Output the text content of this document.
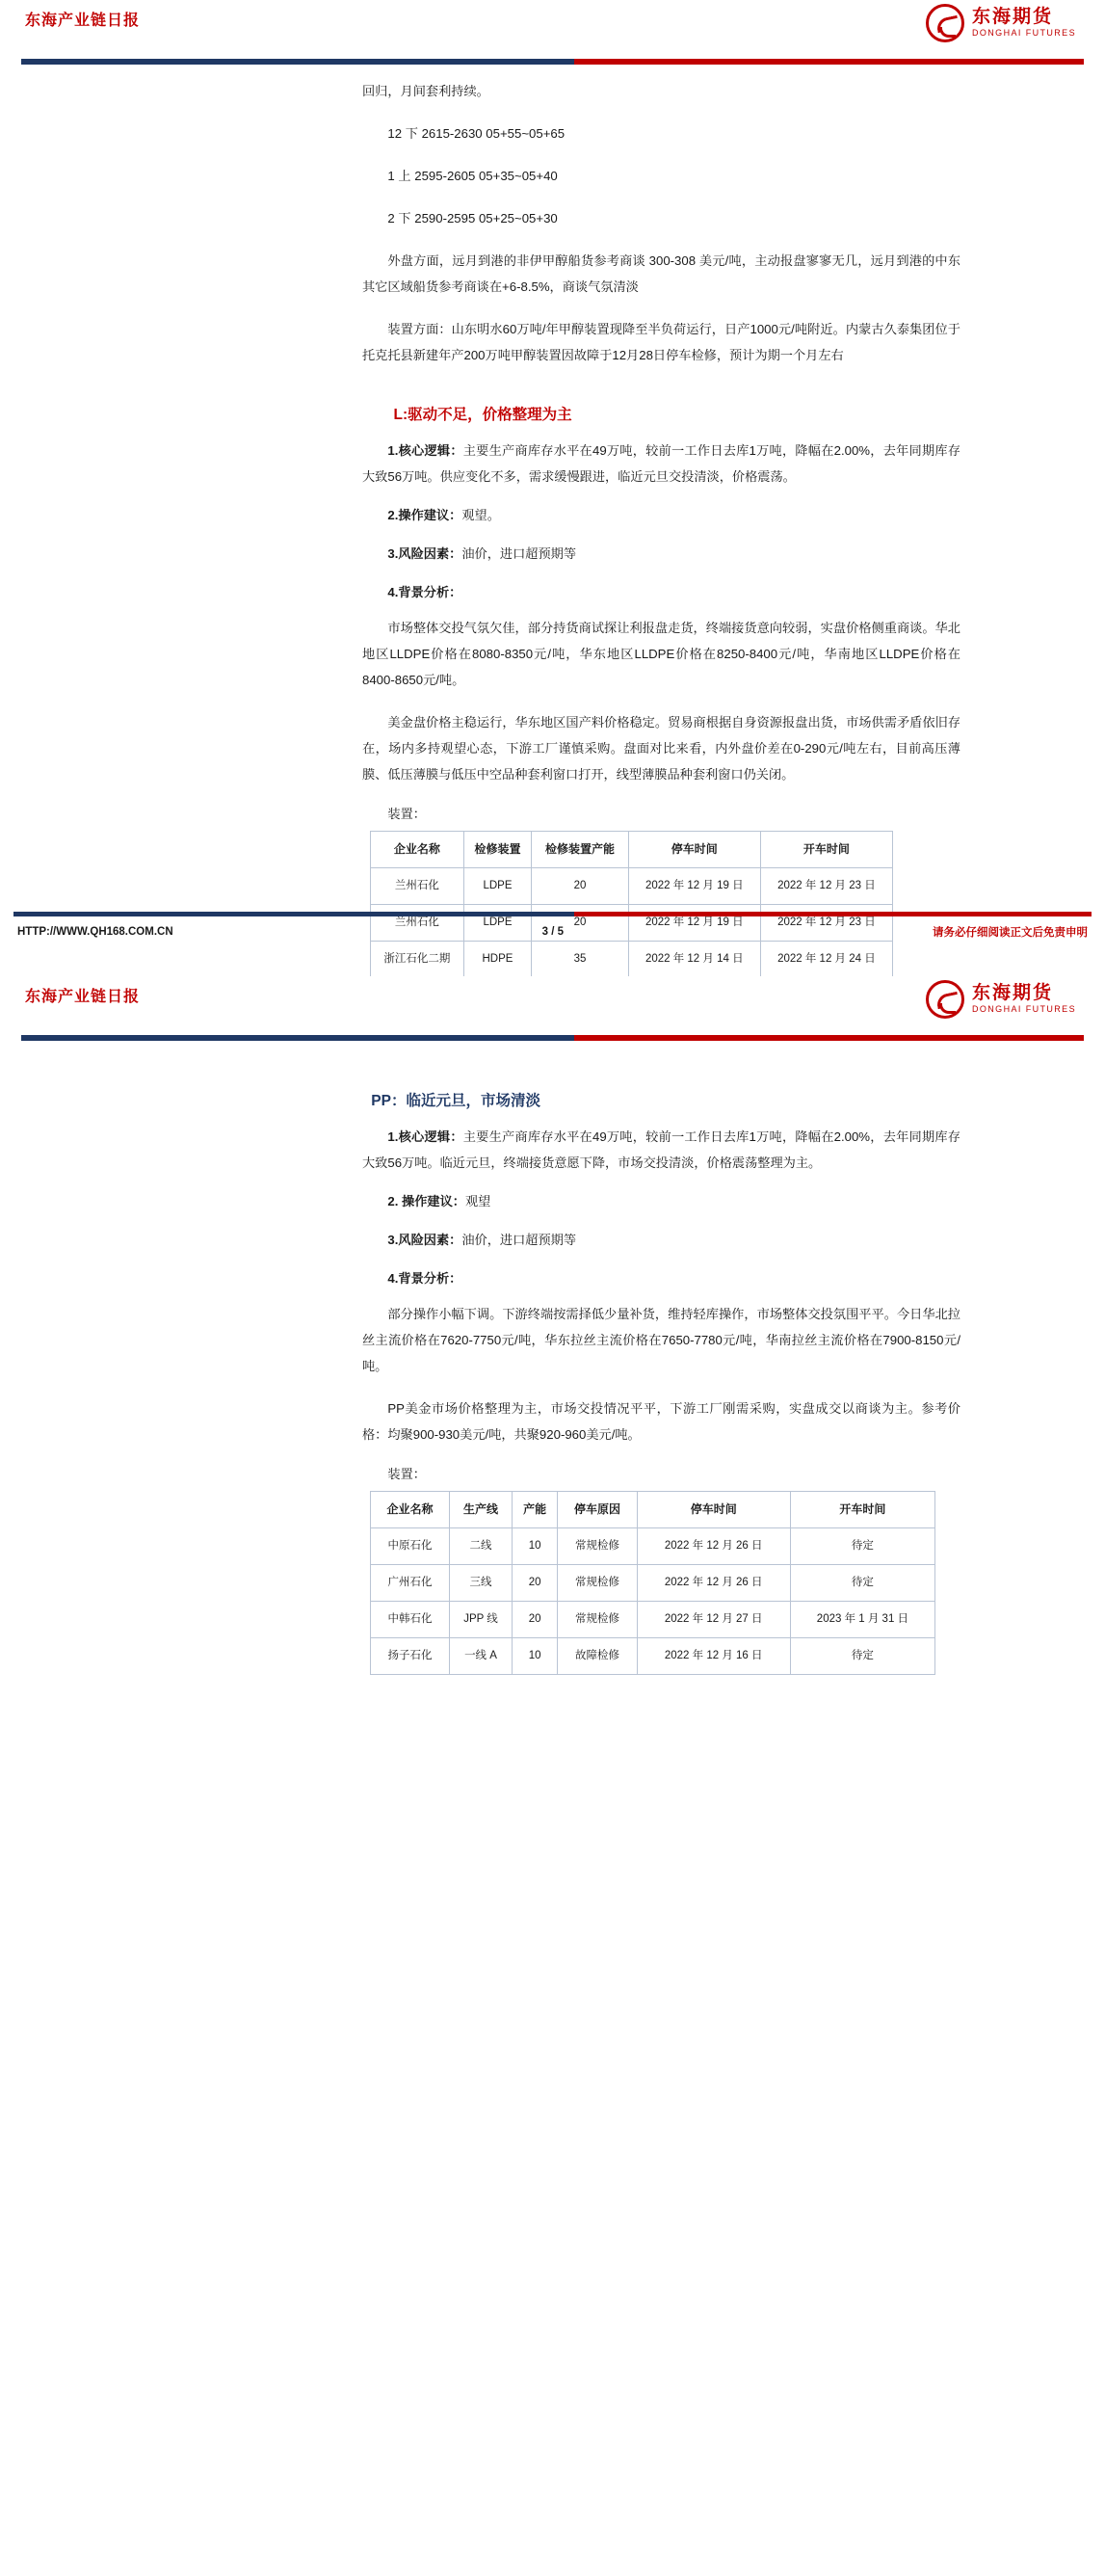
东海产业链日报	东海期货
DONGHAI FUTURES

回归，月间套利持续。

12 下 2615-2630 05+55~05+65

1 上 2595-2605 05+35~05+40

2 下 2590-2595 05+25~05+30

外盘方面，远月到港的非伊甲醇船货参考商谈 300-308 美元/吨，主动报盘寥寥无几，远月到港的中东其它区域船货参考商谈在+6-8.5%，商谈气氛清淡

装置方面：山东明水60万吨/年甲醇装置现降至半负荷运行，日产1000元/吨附近。内蒙古久泰集团位于托克托县新建年产200万吨甲醇装置因故障于12月28日停车检修，预计为期一个月左右

L:驱动不足，价格整理为主

1.核心逻辑：主要生产商库存水平在49万吨，较前一工作日去库1万吨，降幅在2.00%，去年同期库存大致56万吨。供应变化不多，需求缓慢跟进，临近元旦交投清淡，价格震荡。

2.操作建议：观望。

3.风险因素：油价，进口超预期等

4.背景分析：

市场整体交投气氛欠佳，部分持货商试探让利报盘走货，终端接货意向较弱，实盘价格侧重商谈。华北地区LLDPE价格在8080-8350元/吨，华东地区LLDPE价格在8250-8400元/吨，华南地区LLDPE价格在8400-8650元/吨。

美金盘价格主稳运行，华东地区国产料价格稳定。贸易商根据自身资源报盘出货，市场供需矛盾依旧存在，场内多持观望心态，下游工厂谨慎采购。盘面对比来看，内外盘价差在0-290元/吨左右，目前高压薄膜、低压薄膜与低压中空品种套利窗口打开，线型薄膜品种套利窗口仍关闭。

装置：

企业名称	检修装置	检修装置产能	停车时间	开车时间
兰州石化	LDPE	20	2022 年 12 月 19 日	2022 年 12 月 23 日
兰州石化	LDPE	20	2022 年 12 月 19 日	2022 年 12 月 23 日
浙江石化二期	HDPE	35	2022 年 12 月 14 日	2022 年 12 月 24 日
HTTP://WWW.QH168.COM.CN	3 / 5	请务必仔细阅读正文后免责申明
东海产业链日报	东海期货
DONGHAI FUTURES
PP：临近元旦，市场清淡

1.核心逻辑：主要生产商库存水平在49万吨，较前一工作日去库1万吨，降幅在2.00%，去年同期库存大致56万吨。临近元旦，终端接货意愿下降，市场交投清淡，价格震荡整理为主。

2. 操作建议：观望

3.风险因素：油价，进口超预期等

4.背景分析：

部分操作小幅下调。下游终端按需择低少量补货，维持轻库操作，市场整体交投氛围平平。今日华北拉丝主流价格在7620-7750元/吨，华东拉丝主流价格在7650-7780元/吨，华南拉丝主流价格在7900-8150元/吨。

PP美金市场价格整理为主，市场交投情况平平，下游工厂刚需采购，实盘成交以商谈为主。参考价格：均聚900-930美元/吨，共聚920-960美元/吨。

装置：

企业名称	生产线	产能	停车原因	停车时间	开车时间
中原石化	二线	10	常规检修	2022 年 12 月 26 日	待定
广州石化	三线	20	常规检修	2022 年 12 月 26 日	待定
中韩石化	JPP 线	20	常规检修	2022 年 12 月 27 日	2023 年 1 月 31 日
扬子石化	一线 A	10	故障检修	2022 年 12 月 16 日	待定
